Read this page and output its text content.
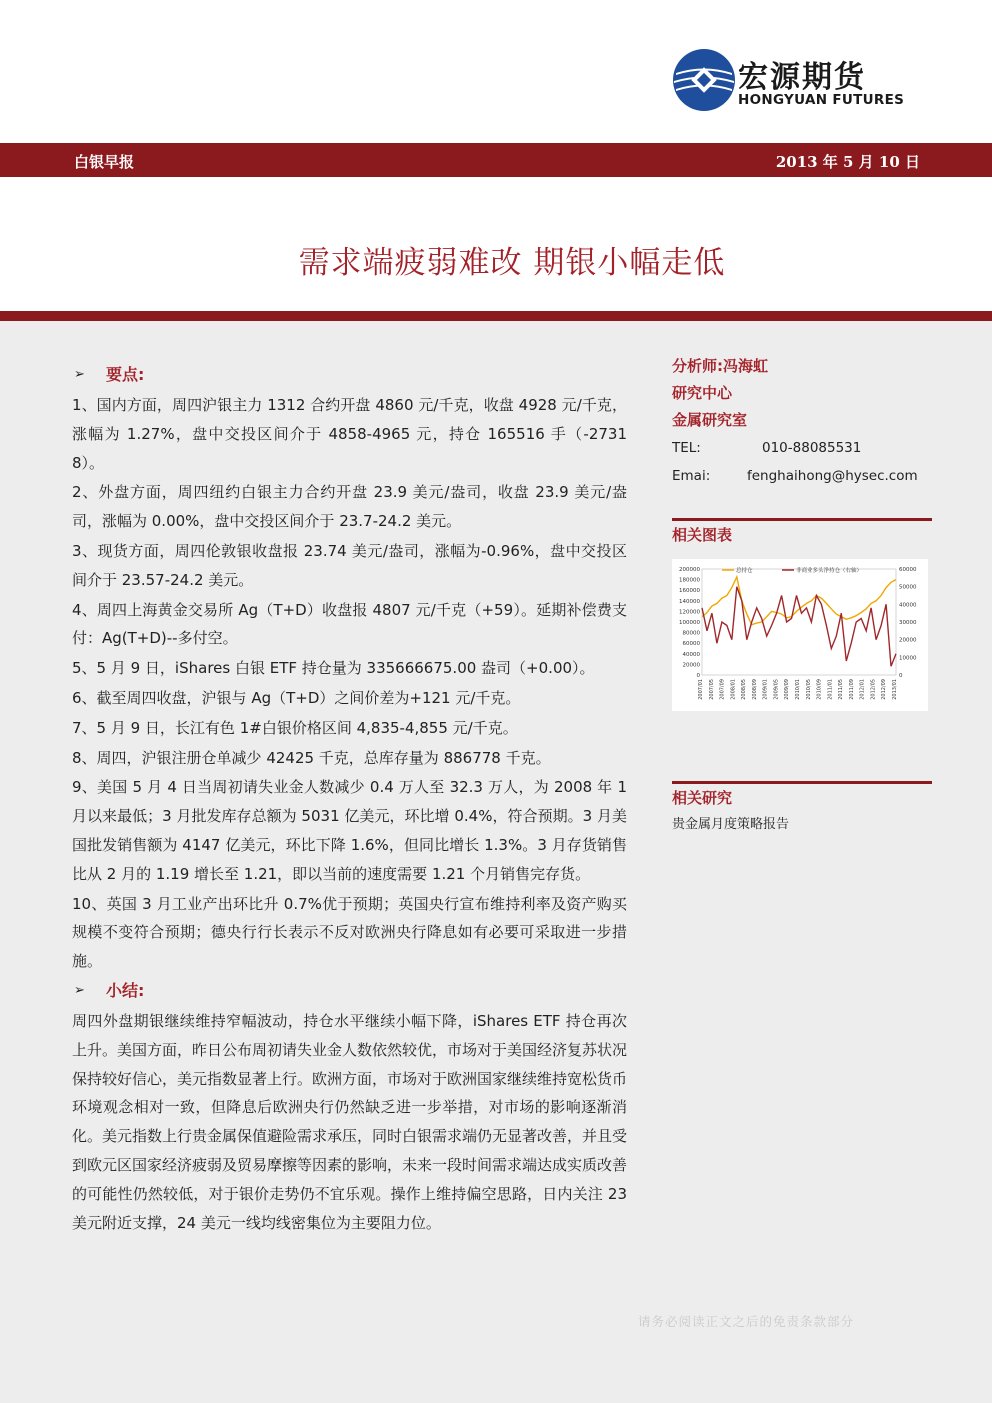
宏源期货
HONGYUAN FUTURES
白银早报	2013 年 5 月 10 日
需求端疲弱难改 期银小幅走低
➢ 要点:

1、国内方面，周四沪银主力 1312 合约开盘 4860 元/千克，收盘 4928 元/千克，涨幅为 1.27%，盘中交投区间介于 4858-4965 元，持仓 165516 手（-27318）。

2、外盘方面，周四纽约白银主力合约开盘 23.9 美元/盎司，收盘 23.9 美元/盎司，涨幅为 0.00%，盘中交投区间介于 23.7-24.2 美元。

3、现货方面，周四伦敦银收盘报 23.74 美元/盎司，涨幅为-0.96%，盘中交投区间介于 23.57-24.2 美元。

4、周四上海黄金交易所 Ag（T+D）收盘报 4807 元/千克（+59）。延期补偿费支付：Ag(T+D)--多付空。

5、5 月 9 日，iShares 白银 ETF 持仓量为 335666675.00 盎司（+0.00）。

6、截至周四收盘，沪银与 Ag（T+D）之间价差为+121 元/千克。

7、5 月 9 日，长江有色 1#白银价格区间 4,835-4,855 元/千克。

8、周四，沪银注册仓单减少 42425 千克，总库存量为 886778 千克。

9、美国 5 月 4 日当周初请失业金人数减少 0.4 万人至 32.3 万人，为 2008 年 1 月以来最低；3 月批发库存总额为 5031 亿美元，环比增 0.4%，符合预期。3 月美国批发销售额为 4147 亿美元，环比下降 1.6%，但同比增长 1.3%。3 月存货销售比从 2 月的 1.19 增长至 1.21，即以当前的速度需要 1.21 个月销售完存货。

10、英国 3 月工业产出环比升 0.7%优于预期；英国央行宣布维持利率及资产购买规模不变符合预期；德央行行长表示不反对欧洲央行降息如有必要可采取进一步措施。

➢ 小结:

周四外盘期银继续维持窄幅波动，持仓水平继续小幅下降，iShares ETF 持仓再次上升。美国方面，昨日公布周初请失业金人数依然较优，市场对于美国经济复苏状况保持较好信心，美元指数显著上行。欧洲方面，市场对于欧洲国家继续维持宽松货币环境观念相对一致，但降息后欧洲央行仍然缺乏进一步举措，对市场的影响逐渐消化。美元指数上行贵金属保值避险需求承压，同时白银需求端仍无显著改善，并且受到欧元区国家经济疲弱及贸易摩擦等因素的影响，未来一段时间需求端达成实质改善的可能性仍然较低，对于银价走势仍不宜乐观。操作上维持偏空思路，日内关注 23 美元附近支撑，24 美元一线均线密集位为主要阻力位。

分析师:冯海虹
研究中心
金属研究室
TEL:	010-88085531
Emai:	fenghaihong@hysec.com
相关图表
200000
180000
160000
140000
120000
100000
80000
60000
40000
20000
0
60000
50000
40000
30000
20000
10000
0
2007/01 2007/05 2007/09 2008/01 2008/05 2008/09 2009/01 2009/05 2009/09 2010/01 2010/05 2010/09 2011/01 2011/05 2011/09 2012/01 2012/05 2012/09 2013/01
总持仓	非商业多头净持仓（右轴）
相关研究
贵金属月度策略报告
请务必阅读正文之后的免责条款部分
